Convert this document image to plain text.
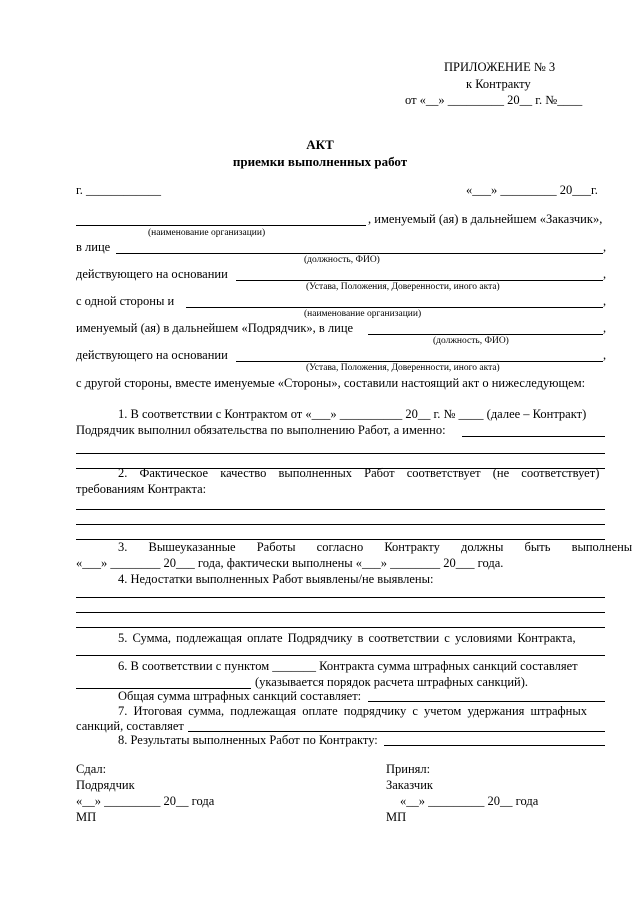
ПРИЛОЖЕНИЕ № 3
к Контракту
от «__» _________ 20__ г. №____
АКТ
приемки выполненных работ
г. ____________	«___» _________ 20___г.
, именуемый (ая) в дальнейшем «Заказчик»,
(наименование организации)
в лице	,
(должность, ФИО)
действующего на основании	,
(Устава, Положения, Доверенности, иного акта)
с одной стороны и	,
(наименование организации)
именуемый (ая) в дальнейшем «Подрядчик», в лице	,
(должность, ФИО)
действующего на основании	,
(Устава, Положения, Доверенности, иного акта)
с другой стороны, вместе именуемые «Стороны», составили настоящий акт о нижеследующем:
1. В соответствии с Контрактом от «___» __________ 20__ г. № ____ (далее – Контракт)
Подрядчик выполнил обязательства по выполнению Работ, а именно:
2. Фактическое качество выполненных Работ соответствует (не соответствует)
требованиям Контракта:
3. Вышеуказанные Работы согласно Контракту должны быть выполнены
«___» ________ 20___ года, фактически выполнены «___» ________ 20___ года.
4. Недостатки выполненных Работ выявлены/не выявлены:
5. Сумма, подлежащая оплате Подрядчику в соответствии с условиями Контракта,
6. В соответствии с пунктом _______ Контракта сумма штрафных санкций составляет
(указывается порядок расчета штрафных санкций).
Общая сумма штрафных санкций составляет:
7. Итоговая сумма, подлежащая оплате подрядчику с учетом удержания штрафных
санкций, составляет
8. Результаты выполненных Работ по Контракту:
Сдал:
Подрядчик
«__» _________ 20__ года
МП
Принял:
Заказчик
«__» _________ 20__ года
МП
